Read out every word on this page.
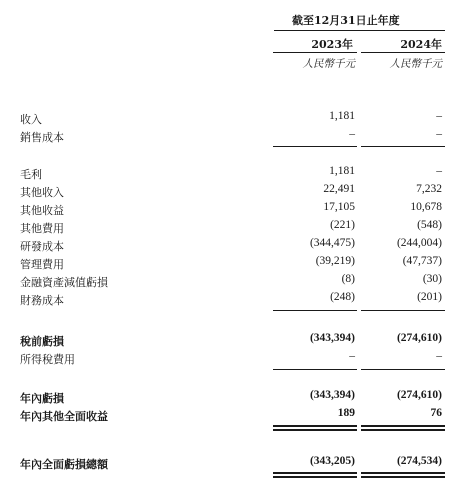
截至12月31日止年度
2023年	2024年
人民幣千元	人民幣千元
收入	1,181	–
銷售成本	–	–
毛利	1,181	–
其他收入	22,491	7,232
其他收益	17,105	10,678
其他費用	(221)	(548)
研發成本	(344,475)	(244,004)
管理費用	(39,219)	(47,737)
金融資產減值虧損	(8)	(30)
財務成本	(248)	(201)
稅前虧損	(343,394)	(274,610)
所得稅費用	–	–
年內虧損	(343,394)	(274,610)
年內其他全面收益	189	76
年內全面虧損總額	(343,205)	(274,534)
